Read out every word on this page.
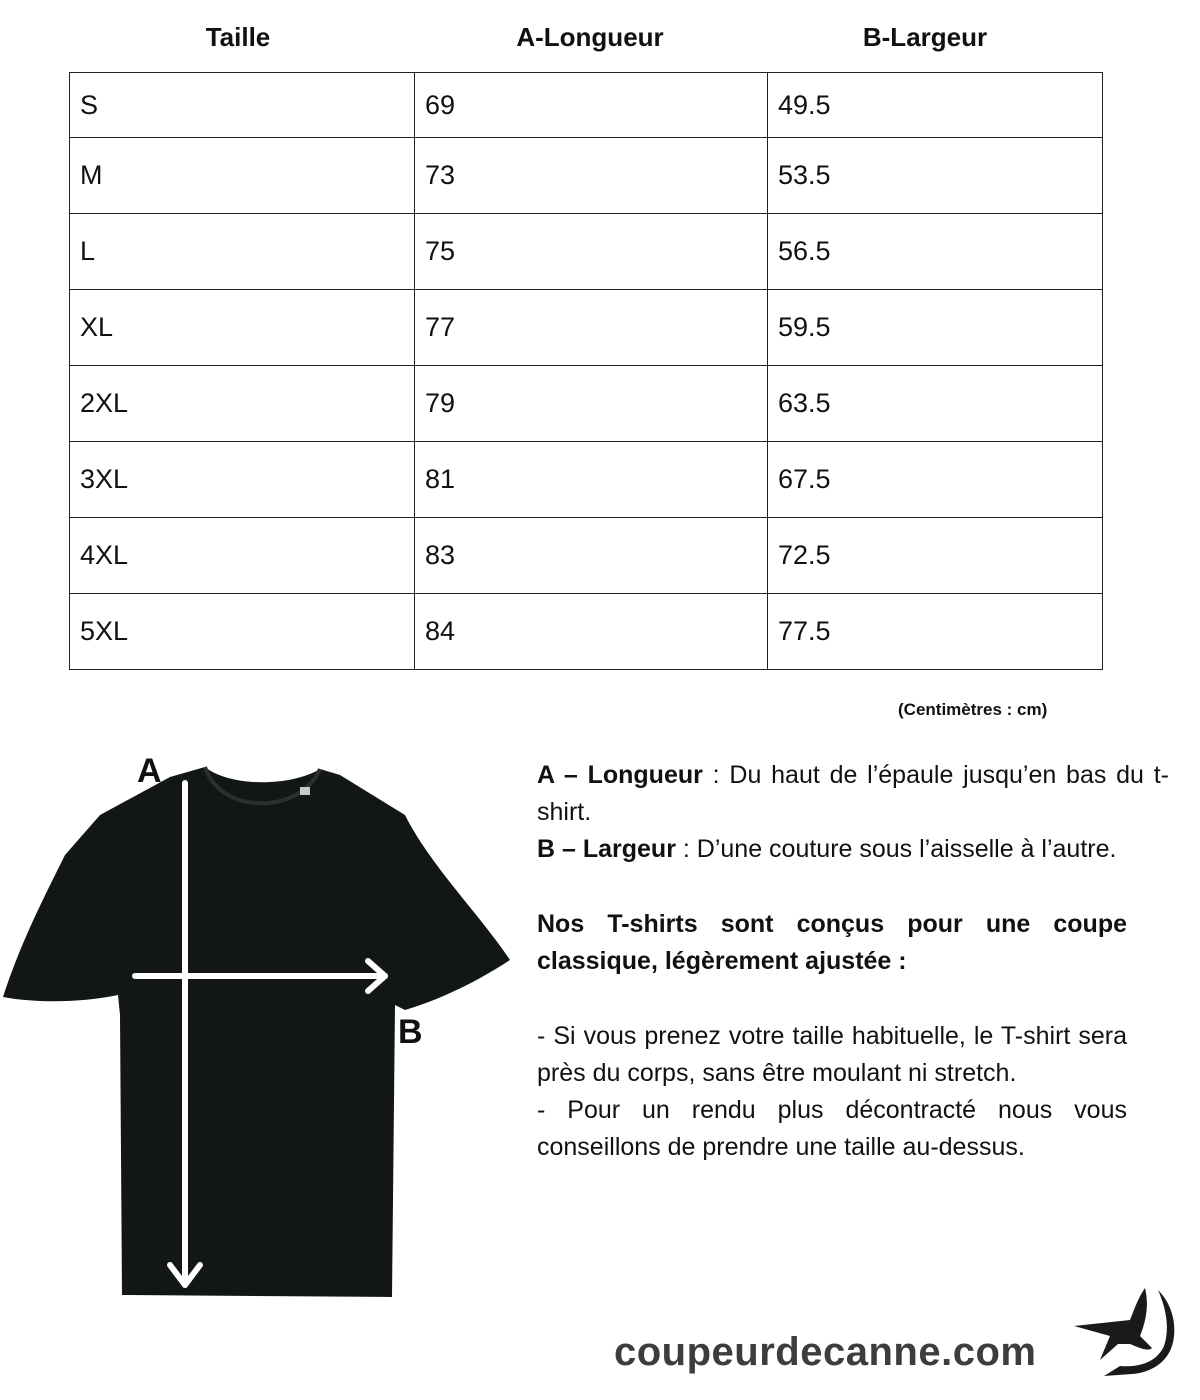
Taille	A-Longueur	B-Largeur
S	69	49.5
M	73	53.5
L	75	56.5
XL	77	59.5
2XL	79	63.5
3XL	81	67.5
4XL	83	72.5
5XL	84	77.5
(Centimètres : cm)
A
B

A – Longueur : Du haut de l’épaule jusqu’en bas du t-shirt.

B – Largeur : D’une couture sous l’aisselle à l’autre.

Nos T-shirts sont conçus pour une coupe classique, légèrement ajustée :

- Si vous prenez votre taille habituelle, le T-shirt sera près du corps, sans être moulant ni stretch.

- Pour un rendu plus décontracté nous vous conseillons de prendre une taille au-dessus.

coupeurdecanne.com
